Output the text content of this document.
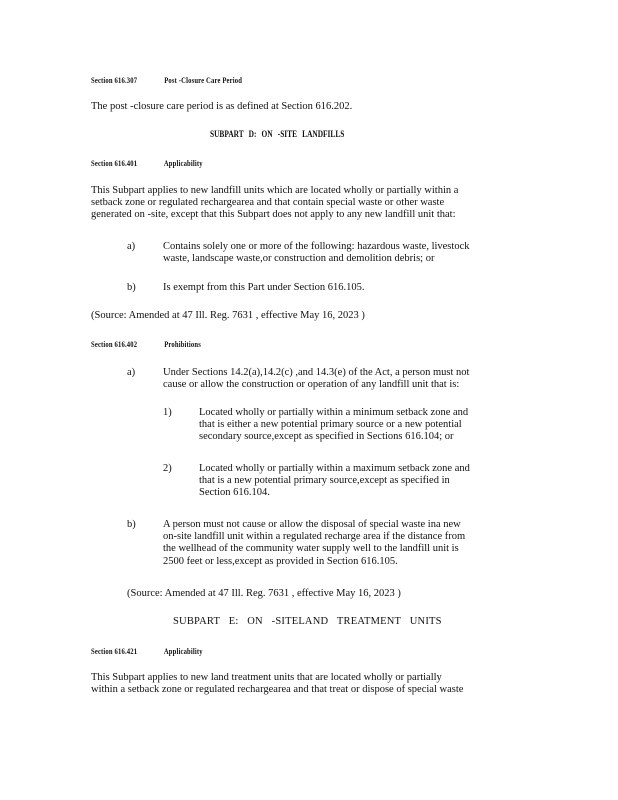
Section 616.307	Post -Closure Care Period
The post -closure care period is as defined at Section 616.202.
SUBPART D: ON -SITE LANDFILLS
Section 616.401	Applicability
This Subpart applies to new landfill units which are located wholly or partially within a
setback zone or regulated rechargearea and that contain special waste or other waste
generated on -site, except that this Subpart does not apply to any new landfill unit that:
a)	Contains solely one or more of the following: hazardous waste, livestock
waste, landscape waste,or construction and demolition debris; or
b)	Is exempt from this Part under Section 616.105.
(Source: Amended at 47 Ill. Reg. 7631 , effective May 16, 2023 )
Section 616.402	Prohibitions
a)	Under Sections 14.2(a),14.2(c) ,and 14.3(e) of the Act, a person must not
cause or allow the construction or operation of any landfill unit that is:
1)	Located wholly or partially within a minimum setback zone and
that is either a new potential primary source or a new potential
secondary source,except as specified in Sections 616.104; or
2)	Located wholly or partially within a maximum setback zone and
that is a new potential primary source,except as specified in
Section 616.104.
b)	A person must not cause or allow the disposal of special waste ina new
on-site landfill unit within a regulated recharge area if the distance from
the wellhead of the community water supply well to the landfill unit is
2500 feet or less,except as provided in Section 616.105.
(Source: Amended at 47 Ill. Reg. 7631 , effective May 16, 2023 )
SUBPART E: ON -SITELAND TREATMENT UNITS
Section 616.421	Applicability
This Subpart applies to new land treatment units that are located wholly or partially
within a setback zone or regulated rechargearea and that treat or dispose of special waste
